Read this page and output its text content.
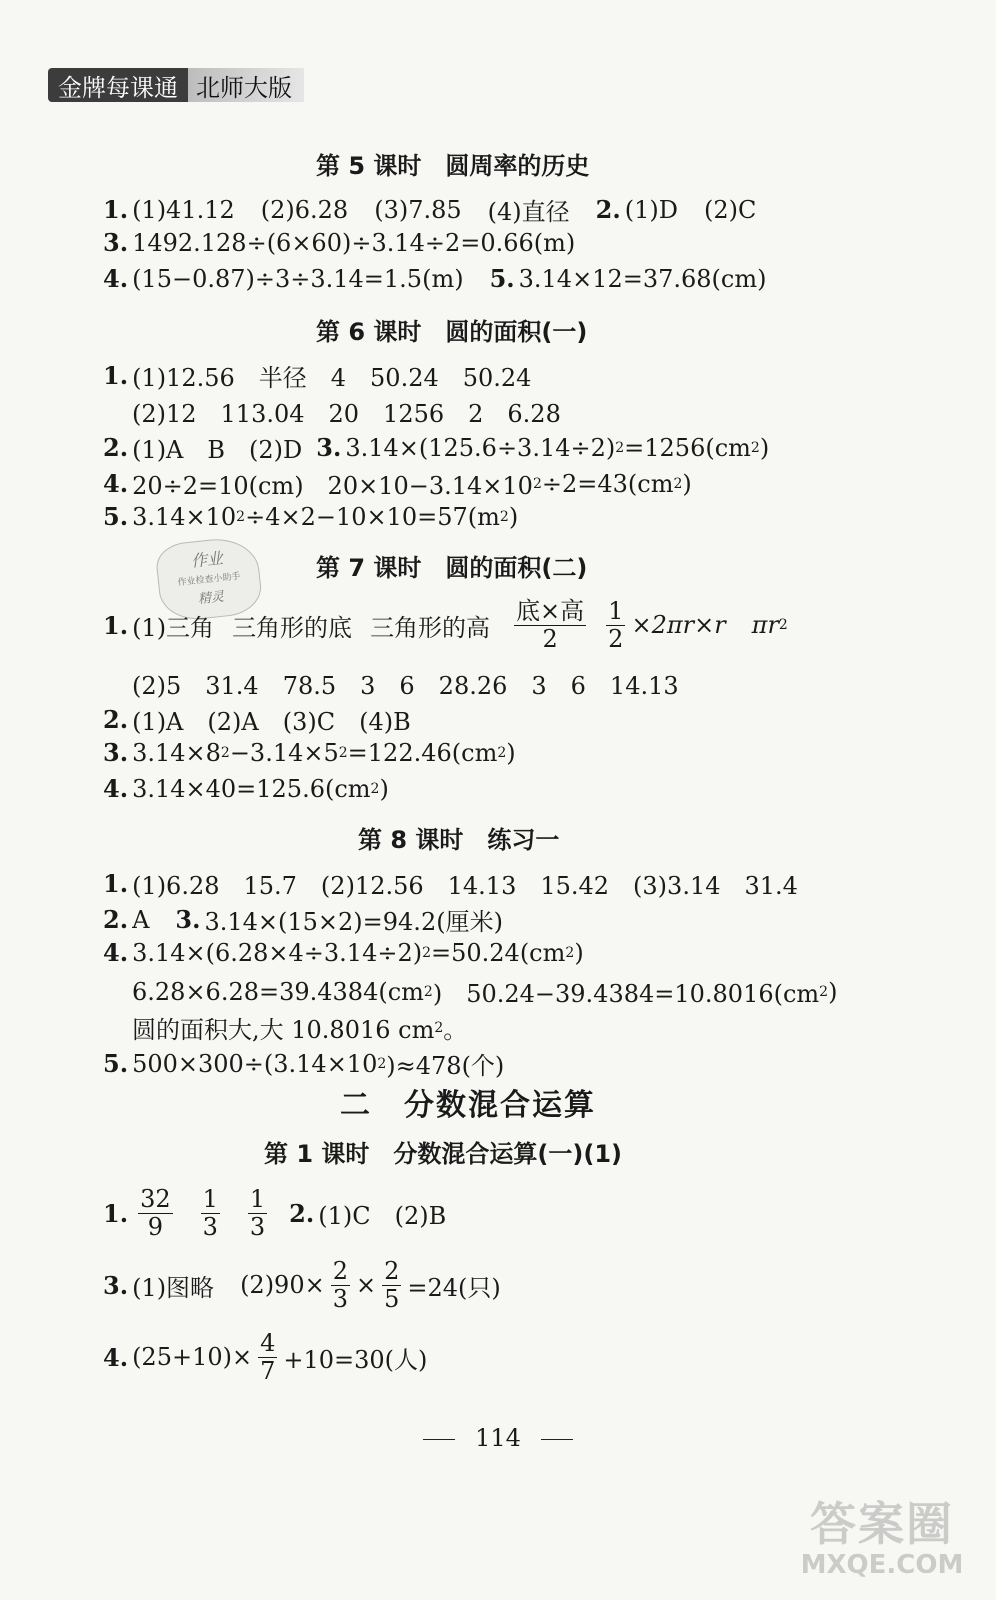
金牌每课通 北师大版
第 5 课时　圆周率的历史
1. (1)41.12 (2)6.28 (3)7.85 (4)直径 2. (1)D (2)C
3. 1492.128÷(6×60)÷3.14÷2=0.66(m)
4. (15−0.87)÷3÷3.14=1.5(m) 5. 3.14×12=37.68(cm)
第 6 课时　圆的面积(一)
1. (1)12.56　半径　4　50.24　50.24
(2)12　113.04　20　1256　2　6.28
2. (1)A　B　(2)D 3. 3.14×(125.6÷3.14÷2) 2 =1256(cm 2 )
4. 20÷2=10(cm)　20×10−3.14×10 2 ÷2=43(cm 2 )
5. 3.14×10 2 ÷4×2−10×10=57(m 2 )
作业
作业检查小助手
精灵
第 7 课时　圆的面积(二)
1. (1)三角 三角形的底 三角形的高 $\frac{\text{底×高}}{2} \frac{1}{2} \times 2\pi r\times r$ πr 2
(2)5　31.4　78.5　3　6　28.26　3　6　14.13
2. (1)A　(2)A　(3)C　(4)B
3. 3.14×8 2 −3.14×5 2 =122.46(cm 2 )
4. 3.14×40=125.6(cm 2 )
第 8 课时　练习一
1. (1)6.28　15.7　(2)12.56　14.13　15.42　(3)3.14　31.4
2. A 3. 3.14×(15×2)=94.2(厘米)
4. 3.14×(6.28×4÷3.14÷2) 2 =50.24(cm 2 )
6.28×6.28=39.4384(cm 2 )　50.24−39.4384=10.8016(cm 2 )
圆的面积大,大 10.8016 cm 2 。
5. 500×300÷(3.14×10 2 )≈478(个)
二　分数混合运算
第 1 课时　分数混合运算(一)(1)
1. $\frac{32}{9} \frac{1}{3} \frac{1}{3} 2$. (1)C　(2)B
3. (1)图略 $(2)90\times \frac{2}{3} \times \frac{2}{5} =24$(只)
4. $(25+10)\times \frac{4}{7} +10=30$(人)
114
答案圈
MXQE.COM
